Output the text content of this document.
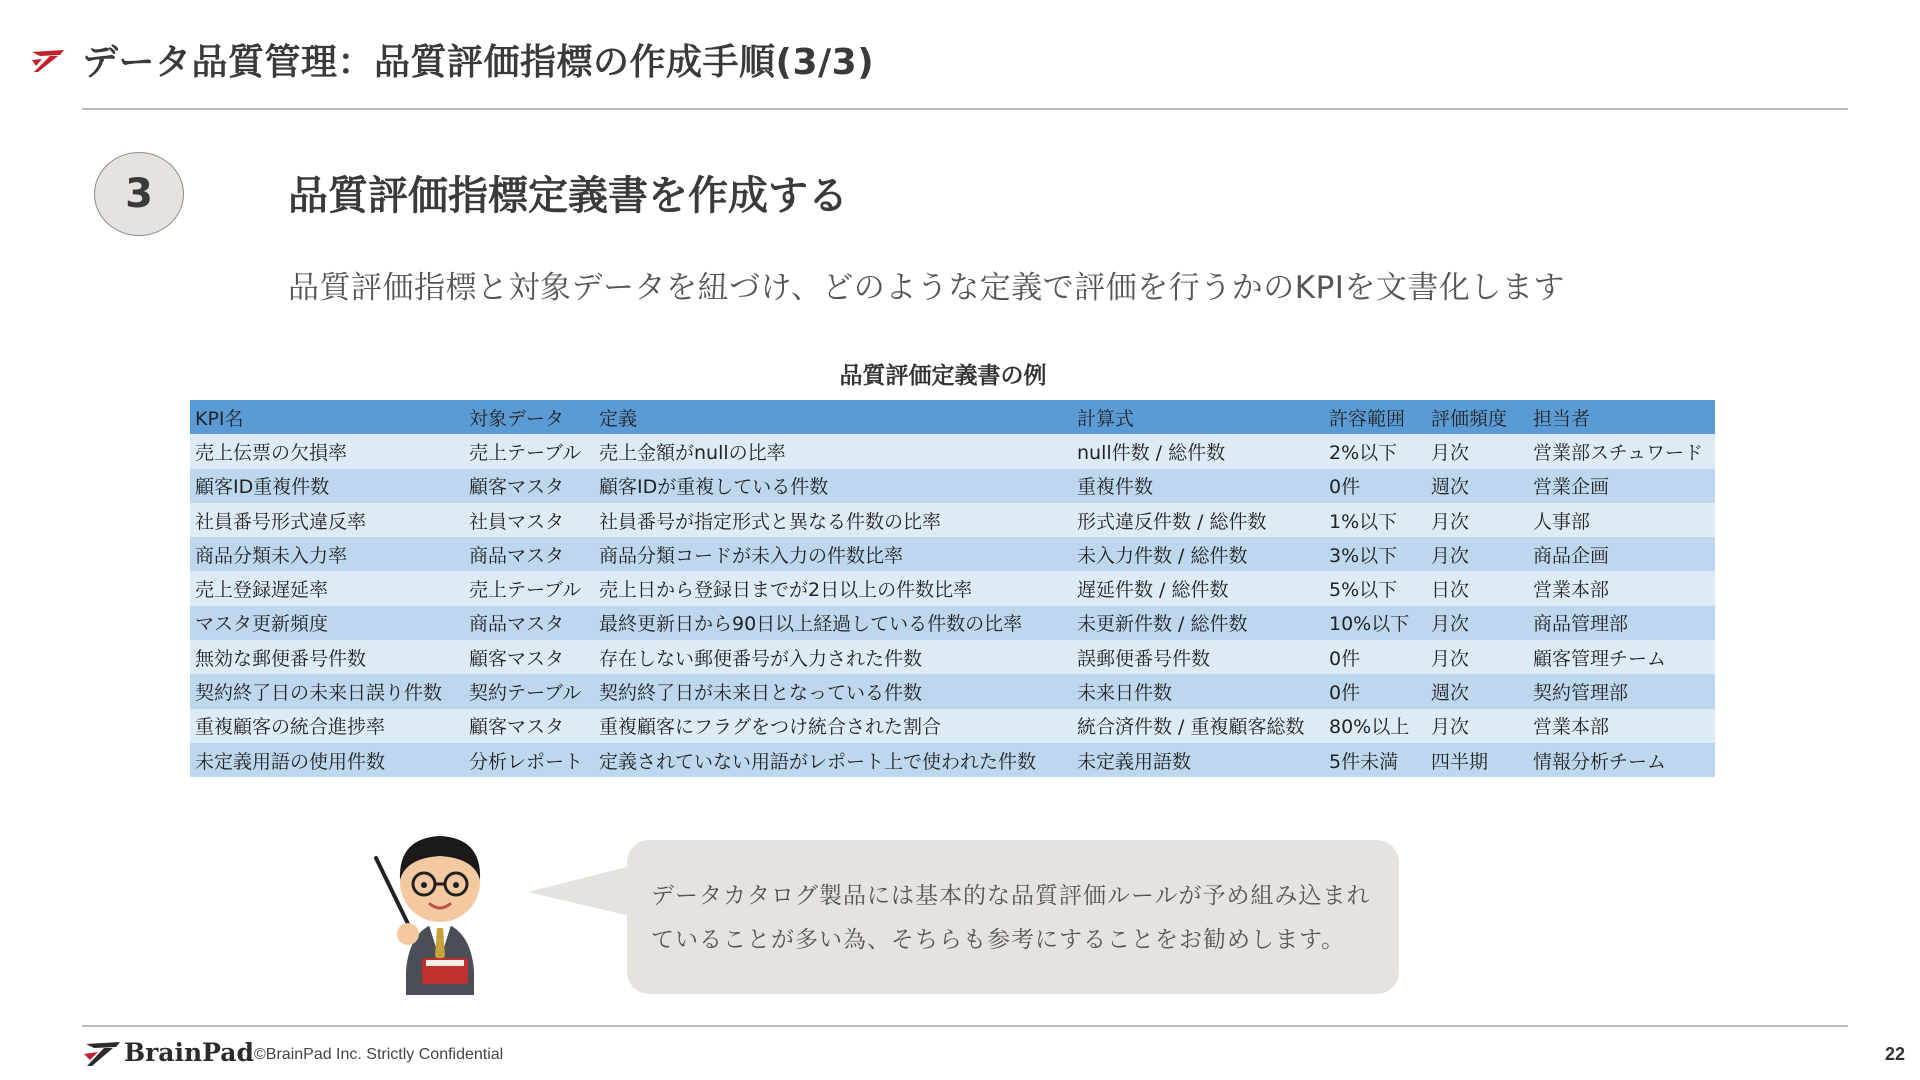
データ品質管理：品質評価指標の作成手順(3/3)
3	品質評価指標定義書を作成する
品質評価指標と対象データを紐づけ、どのような定義で評価を行うかのKPIを文書化します
品質評価定義書の例
KPI名	対象データ	定義	計算式	許容範囲	評価頻度	担当者
売上伝票の欠損率	売上テーブル	売上金額がnullの比率	null件数 / 総件数	2%以下	月次	営業部スチュワード
顧客ID重複件数	顧客マスタ	顧客IDが重複している件数	重複件数	0件	週次	営業企画
社員番号形式違反率	社員マスタ	社員番号が指定形式と異なる件数の比率	形式違反件数 / 総件数	1%以下	月次	人事部
商品分類未入力率	商品マスタ	商品分類コードが未入力の件数比率	未入力件数 / 総件数	3%以下	月次	商品企画
売上登録遅延率	売上テーブル	売上日から登録日までが2日以上の件数比率	遅延件数 / 総件数	5%以下	日次	営業本部
マスタ更新頻度	商品マスタ	最終更新日から90日以上経過している件数の比率	未更新件数 / 総件数	10%以下	月次	商品管理部
無効な郵便番号件数	顧客マスタ	存在しない郵便番号が入力された件数	誤郵便番号件数	0件	月次	顧客管理チーム
契約終了日の未来日誤り件数	契約テーブル	契約終了日が未来日となっている件数	未来日件数	0件	週次	契約管理部
重複顧客の統合進捗率	顧客マスタ	重複顧客にフラグをつけ統合された割合	統合済件数 / 重複顧客総数	80%以上	月次	営業本部
未定義用語の使用件数	分析レポート	定義されていない用語がレポート上で使われた件数	未定義用語数	5件未満	四半期	情報分析チーム
データカタログ製品には基本的な品質評価ルールが予め組み込まれ
ていることが多い為、そちらも参考にすることをお勧めします。
BrainPad ©BrainPad Inc. Strictly Confidential	22
